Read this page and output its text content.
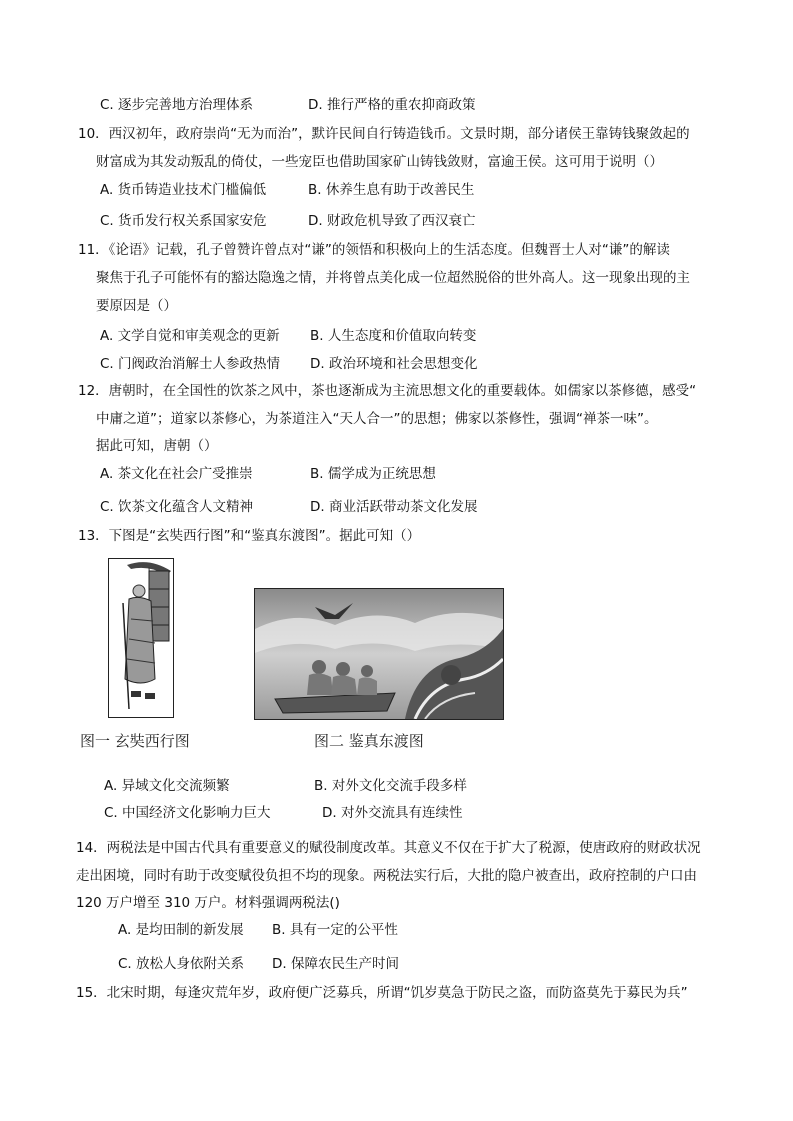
C. 逐步完善地方治理体系	D. 推行严格的重农抑商政策
10．西汉初年，政府崇尚“无为而治”，默许民间自行铸造钱币。文景时期，部分诸侯王靠铸钱聚敛起的
财富成为其发动叛乱的倚仗，一些宠臣也借助国家矿山铸钱敛财，富逾王侯。这可用于说明（）
A. 货币铸造业技术门槛偏低	B. 休养生息有助于改善民生
C. 货币发行权关系国家安危	D. 财政危机导致了西汉衰亡
11．《论语》记载，孔子曾赞许曾点对“谦”的领悟和积极向上的生活态度。但魏晋士人对“谦”的解读
聚焦于孔子可能怀有的豁达隐逸之情，并将曾点美化成一位超然脱俗的世外高人。这一现象出现的主
要原因是（）
A. 文学自觉和审美观念的更新 B. 人生态度和价值取向转变
C. 门阀政治消解士人参政热情 D. 政治环境和社会思想变化
12．唐朝时，在全国性的饮茶之风中，茶也逐渐成为主流思想文化的重要载体。如儒家以茶修德，感受“
中庸之道”；道家以茶修心，为茶道注入“天人合一”的思想；佛家以茶修性，强调“禅茶一味”。
据此可知，唐朝（）
A. 茶文化在社会广受推崇	B. 儒学成为正统思想
C. 饮茶文化蕴含人文精神	D. 商业活跃带动茶文化发展
13．下图是“玄奘西行图”和“鉴真东渡图”。据此可知（）
图一 玄奘西行图	图二 鉴真东渡图
A. 异域文化交流频繁	B. 对外文化交流手段多样
C. 中国经济文化影响力巨大	D. 对外交流具有连续性
14．两税法是中国古代具有重要意义的赋役制度改革。其意义不仅在于扩大了税源，使唐政府的财政状况
走出困境，同时有助于改变赋役负担不均的现象。两税法实行后，大批的隐户被查出，政府控制的户口由
120 万户增至 310 万户。材料强调两税法()
A. 是均田制的新发展 B. 具有一定的公平性
C. 放松人身依附关系 D. 保障农民生产时间
15．北宋时期，每逢灾荒年岁，政府便广泛募兵，所谓“饥岁莫急于防民之盗，而防盗莫先于募民为兵”
